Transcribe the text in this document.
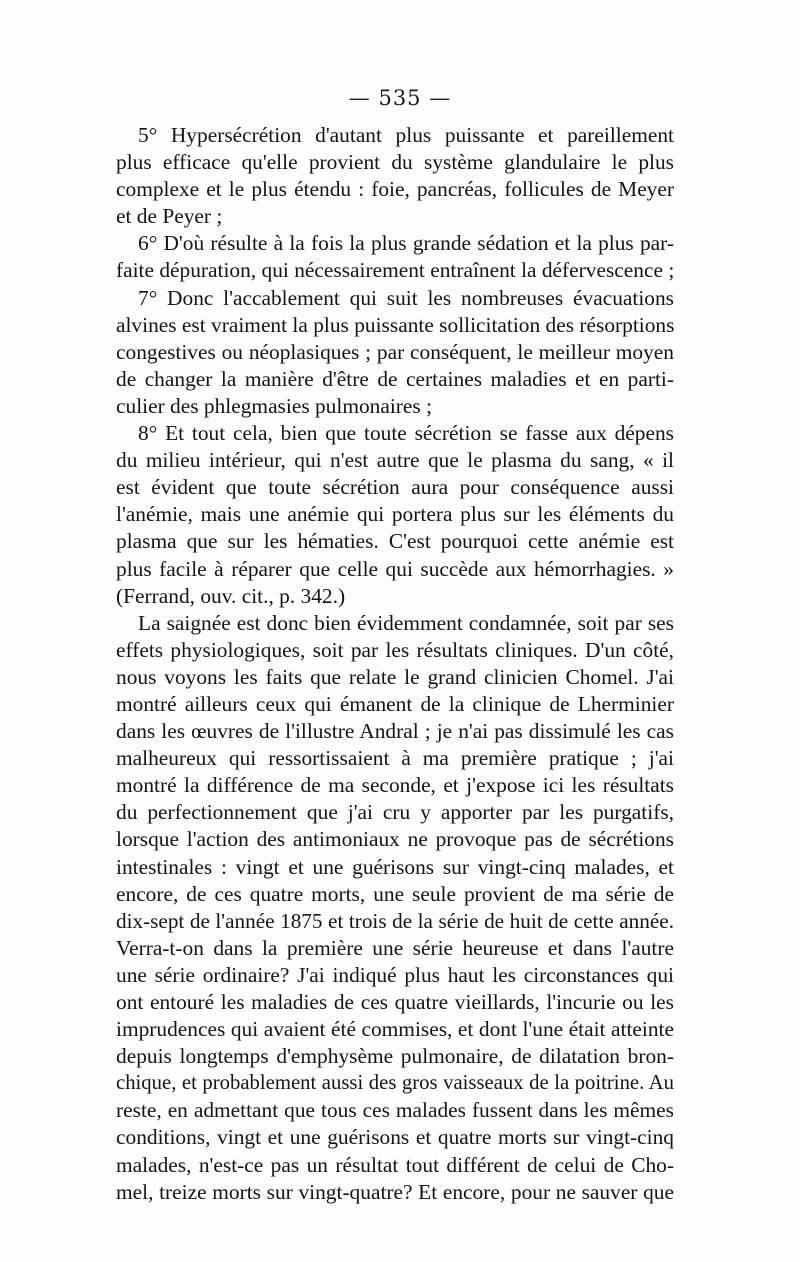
— 535 —
5° Hypersécrétion d'autant plus puissante et pareillement
plus efficace qu'elle provient du système glandulaire le plus
complexe et le plus étendu : foie, pancréas, follicules de Meyer
et de Peyer ;
6° D'où résulte à la fois la plus grande sédation et la plus par-
faite dépuration, qui nécessairement entraînent la défervescence ;
7° Donc l'accablement qui suit les nombreuses évacuations
alvines est vraiment la plus puissante sollicitation des résorptions
congestives ou néoplasiques ; par conséquent, le meilleur moyen
de changer la manière d'être de certaines maladies et en parti-
culier des phlegmasies pulmonaires ;
8° Et tout cela, bien que toute sécrétion se fasse aux dépens
du milieu intérieur, qui n'est autre que le plasma du sang, « il
est évident que toute sécrétion aura pour conséquence aussi
l'anémie, mais une anémie qui portera plus sur les éléments du
plasma que sur les hématies. C'est pourquoi cette anémie est
plus facile à réparer que celle qui succède aux hémorrhagies. »
(Ferrand, ouv. cit., p. 342.)
La saignée est donc bien évidemment condamnée, soit par ses
effets physiologiques, soit par les résultats cliniques. D'un côté,
nous voyons les faits que relate le grand clinicien Chomel. J'ai
montré ailleurs ceux qui émanent de la clinique de Lherminier
dans les œuvres de l'illustre Andral ; je n'ai pas dissimulé les cas
malheureux qui ressortissaient à ma première pratique ; j'ai
montré la différence de ma seconde, et j'expose ici les résultats
du perfectionnement que j'ai cru y apporter par les purgatifs,
lorsque l'action des antimoniaux ne provoque pas de sécrétions
intestinales : vingt et une guérisons sur vingt-cinq malades, et
encore, de ces quatre morts, une seule provient de ma série de
dix-sept de l'année 1875 et trois de la série de huit de cette année.
Verra-t-on dans la première une série heureuse et dans l'autre
une série ordinaire? J'ai indiqué plus haut les circonstances qui
ont entouré les maladies de ces quatre vieillards, l'incurie ou les
imprudences qui avaient été commises, et dont l'une était atteinte
depuis longtemps d'emphysème pulmonaire, de dilatation bron-
chique, et probablement aussi des gros vaisseaux de la poitrine. Au
reste, en admettant que tous ces malades fussent dans les mêmes
conditions, vingt et une guérisons et quatre morts sur vingt-cinq
malades, n'est-ce pas un résultat tout différent de celui de Cho-
mel, treize morts sur vingt-quatre? Et encore, pour ne sauver que
